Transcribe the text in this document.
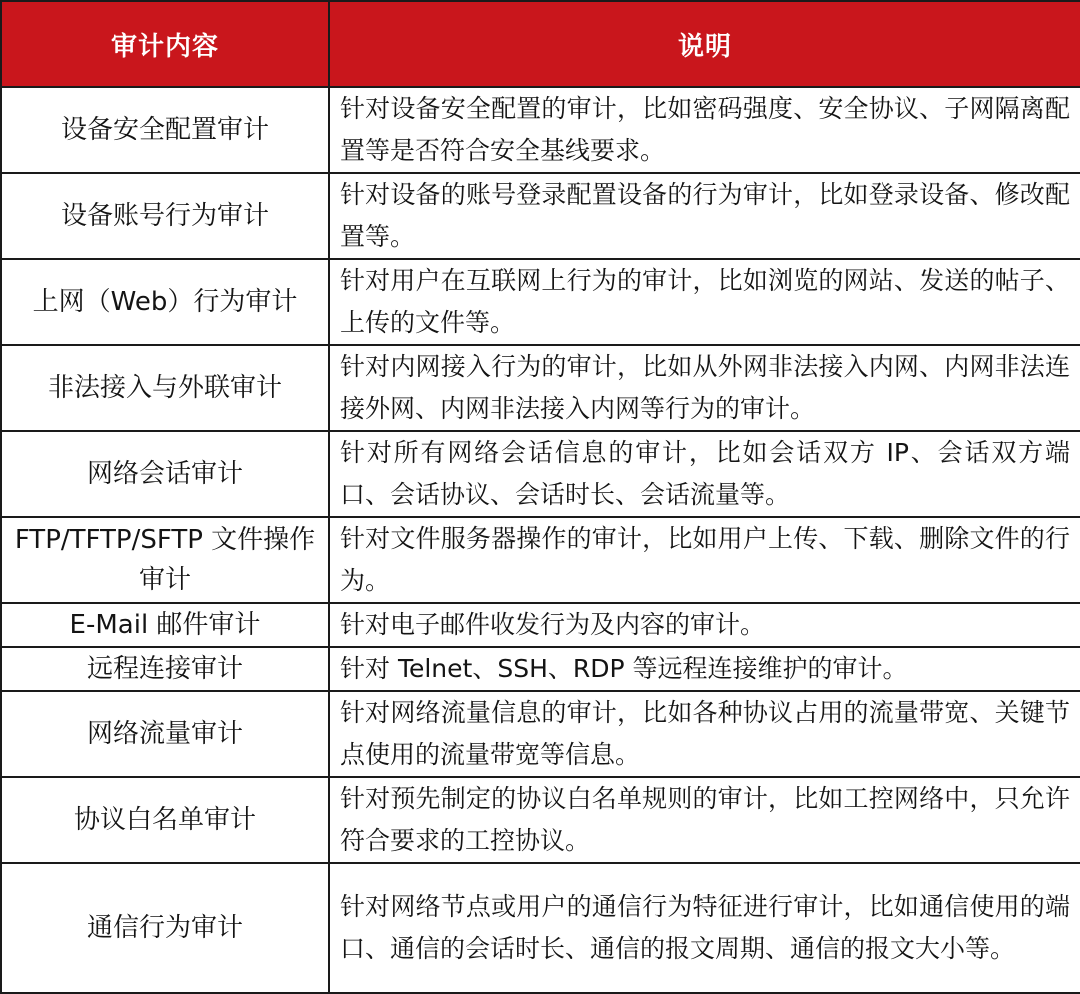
审计内容	说明
设备安全配置审计	针对设备安全配置的审计，比如密码强度、安全协议、子网隔离配置等是否符合安全基线要求。
设备账号行为审计	针对设备的账号登录配置设备的行为审计，比如登录设备、修改配置等。
上网（Web）行为审计	针对用户在互联网上行为的审计，比如浏览的网站、发送的帖子、上传的文件等。
非法接入与外联审计	针对内网接入行为的审计，比如从外网非法接入内网、内网非法连接外网、内网非法接入内网等行为的审计。
网络会话审计	针对所有网络会话信息的审计，比如会话双方 IP、会话双方端口、会话协议、会话时长、会话流量等。
FTP/TFTP/SFTP 文件操作审计	针对文件服务器操作的审计，比如用户上传、下载、删除文件的行为。
E-Mail 邮件审计	针对电子邮件收发行为及内容的审计。
远程连接审计	针对 Telnet、SSH、RDP 等远程连接维护的审计。
网络流量审计	针对网络流量信息的审计，比如各种协议占用的流量带宽、关键节点使用的流量带宽等信息。
协议白名单审计	针对预先制定的协议白名单规则的审计，比如工控网络中，只允许符合要求的工控协议。
通信行为审计	针对网络节点或用户的通信行为特征进行审计，比如通信使用的端口、通信的会话时长、通信的报文周期、通信的报文大小等。
